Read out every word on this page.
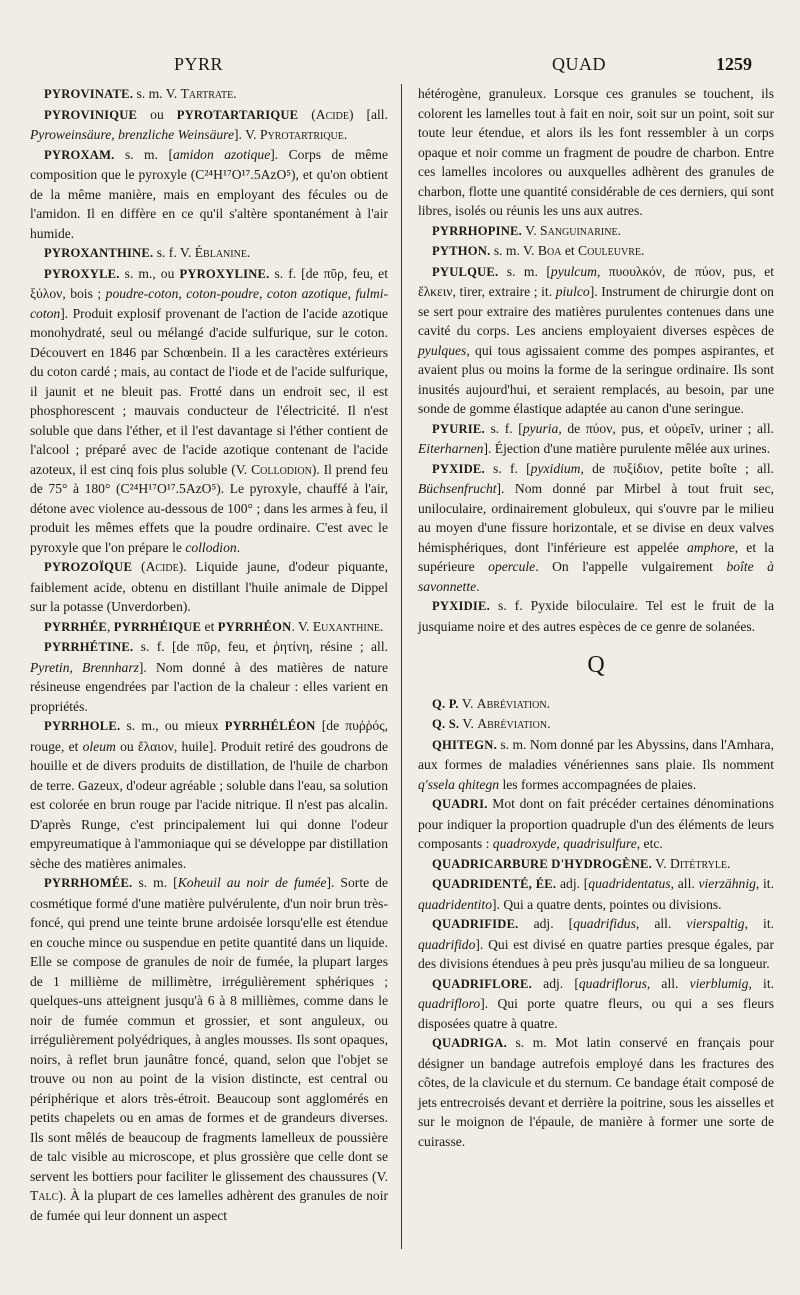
PYRR	QUAD	1259

PYROVINATE. s. m. V. Tartrate.

PYROVINIQUE ou PYROTARTARIQUE (Acide) [all. Pyroweinsäure, brenzliche Weinsäure]. V. Pyrotartrique.

PYROXAM. s. m. [amidon azotique]. Corps de même composition que le pyroxyle (C²⁴H¹⁷O¹⁷.5AzO⁵), et qu'on obtient de la même manière, mais en employant des fécules ou de l'amidon. Il en diffère en ce qu'il s'altère spontanément à l'air humide.

PYROXANTHINE. s. f. V. Éblanine.

PYROXYLE. s. m., ou PYROXYLINE. s. f. [de πῦρ, feu, et ξύλον, bois ; poudre-coton, coton-poudre, coton azotique, fulmi-coton]. Produit explosif provenant de l'action de l'acide azotique monohydraté, seul ou mélangé d'acide sulfurique, sur le coton. Découvert en 1846 par Schœnbein. Il a les caractères extérieurs du coton cardé ; mais, au contact de l'iode et de l'acide sulfurique, il jaunit et ne bleuit pas. Frotté dans un endroit sec, il est phosphorescent ; mauvais conducteur de l'électricité. Il n'est soluble que dans l'éther, et il l'est davantage si l'éther contient de l'alcool ; préparé avec de l'acide azotique contenant de l'acide azoteux, il est cinq fois plus soluble (V. Collodion). Il prend feu de 75° à 180° (C²⁴H¹⁷O¹⁷.5AzO⁵). Le pyroxyle, chauffé à l'air, détone avec violence au-dessous de 100° ; dans les armes à feu, il produit les mêmes effets que la poudre ordinaire. C'est avec le pyroxyle que l'on prépare le collodion.

PYROZOÏQUE (Acide). Liquide jaune, d'odeur piquante, faiblement acide, obtenu en distillant l'huile animale de Dippel sur la potasse (Unverdorben).

PYRRHÉE, PYRRHÉIQUE et PYRRHÉON. V. Euxanthine.

PYRRHÉTINE. s. f. [de πῦρ, feu, et ῥητίνη, résine ; all. Pyretin, Brennharz]. Nom donné à des matières de nature résineuse engendrées par l'action de la chaleur : elles varient en propriétés.

PYRRHOLE. s. m., ou mieux PYRRHÉLÉON [de πυῤῥός, rouge, et oleum ou ἔλαιον, huile]. Produit retiré des goudrons de houille et de divers produits de distillation, de l'huile de charbon de terre. Gazeux, d'odeur agréable ; soluble dans l'eau, sa solution est colorée en brun rouge par l'acide nitrique. Il n'est pas alcalin. D'après Runge, c'est principalement lui qui donne l'odeur empyreumatique à l'ammoniaque qui se développe par distillation sèche des matières animales.

PYRRHOMÉE. s. m. [Koheuil au noir de fumée]. Sorte de cosmétique formé d'une matière pulvérulente, d'un noir brun très-foncé, qui prend une teinte brune ardoisée lorsqu'elle est étendue en couche mince ou suspendue en petite quantité dans un liquide. Elle se compose de granules de noir de fumée, la plupart larges de 1 millième de millimètre, irrégulièrement sphériques ; quelques-uns atteignent jusqu'à 6 à 8 millièmes, comme dans le noir de fumée commun et grossier, et sont anguleux, ou irrégulièrement polyédriques, à angles mousses. Ils sont opaques, noirs, à reflet brun jaunâtre foncé, quand, selon que l'objet se trouve ou non au point de la vision distincte, est central ou périphérique et alors très-étroit. Beaucoup sont agglomérés en petits chapelets ou en amas de formes et de grandeurs diverses. Ils sont mêlés de beaucoup de fragments lamelleux de poussière de talc visible au microscope, et plus grossière que celle dont se servent les bottiers pour faciliter le glissement des chaussures (V. Talc). À la plupart de ces lamelles adhèrent des granules de noir de fumée qui leur donnent un aspect

hétérogène, granuleux. Lorsque ces granules se touchent, ils colorent les lamelles tout à fait en noir, soit sur un point, soit sur toute leur étendue, et alors ils les font ressembler à un corps opaque et noir comme un fragment de poudre de charbon. Entre ces lamelles incolores ou auxquelles adhèrent des granules de charbon, flotte une quantité considérable de ces derniers, qui sont libres, isolés ou réunis les uns aux autres.

PYRRHOPINE. V. Sanguinarine.

PYTHON. s. m. V. Boa et Couleuvre.

PYULQUE. s. m. [pyulcum, πυουλκόν, de πύον, pus, et ἕλκειν, tirer, extraire ; it. piulco]. Instrument de chirurgie dont on se sert pour extraire des matières purulentes contenues dans une cavité du corps. Les anciens employaient diverses espèces de pyulques, qui tous agissaient comme des pompes aspirantes, et avaient plus ou moins la forme de la seringue ordinaire. Ils sont inusités aujourd'hui, et seraient remplacés, au besoin, par une sonde de gomme élastique adaptée au canon d'une seringue.

PYURIE. s. f. [pyuria, de πύον, pus, et οὐρεῖν, uriner ; all. Eiterharnen]. Éjection d'une matière purulente mêlée aux urines.

PYXIDE. s. f. [pyxidium, de πυξίδιον, petite boîte ; all. Büchsenfrucht]. Nom donné par Mirbel à tout fruit sec, uniloculaire, ordinairement globuleux, qui s'ouvre par le milieu au moyen d'une fissure horizontale, et se divise en deux valves hémisphériques, dont l'inférieure est appelée amphore, et la supérieure opercule. On l'appelle vulgairement boîte à savonnette.

PYXIDIE. s. f. Pyxide biloculaire. Tel est le fruit de la jusquiame noire et des autres espèces de ce genre de solanées.

Q

Q. P. V. Abréviation.

Q. S. V. Abréviation.

QHITEGN. s. m. Nom donné par les Abyssins, dans l'Amhara, aux formes de maladies vénériennes sans plaie. Ils nomment q'ssela qhitegn les formes accompagnées de plaies.

QUADRI. Mot dont on fait précéder certaines dénominations pour indiquer la proportion quadruple d'un des éléments de leurs composants : quadroxyde, quadrisulfure, etc.

QUADRICARBURE D'HYDROGÈNE. V. Ditétryle.

QUADRIDENTÉ, ÉE. adj. [quadridentatus, all. vierzähnig, it. quadridentito]. Qui a quatre dents, pointes ou divisions.

QUADRIFIDE. adj. [quadrifidus, all. vierspaltig, it. quadrifido]. Qui est divisé en quatre parties presque égales, par des divisions étendues à peu près jusqu'au milieu de sa longueur.

QUADRIFLORE. adj. [quadriflorus, all. vierblumig, it. quadrifloro]. Qui porte quatre fleurs, ou qui a ses fleurs disposées quatre à quatre.

QUADRIGA. s. m. Mot latin conservé en français pour désigner un bandage autrefois employé dans les fractures des côtes, de la clavicule et du sternum. Ce bandage était composé de jets entrecroisés devant et derrière la poitrine, sous les aisselles et sur le moignon de l'épaule, de manière à former une sorte de cuirasse.
